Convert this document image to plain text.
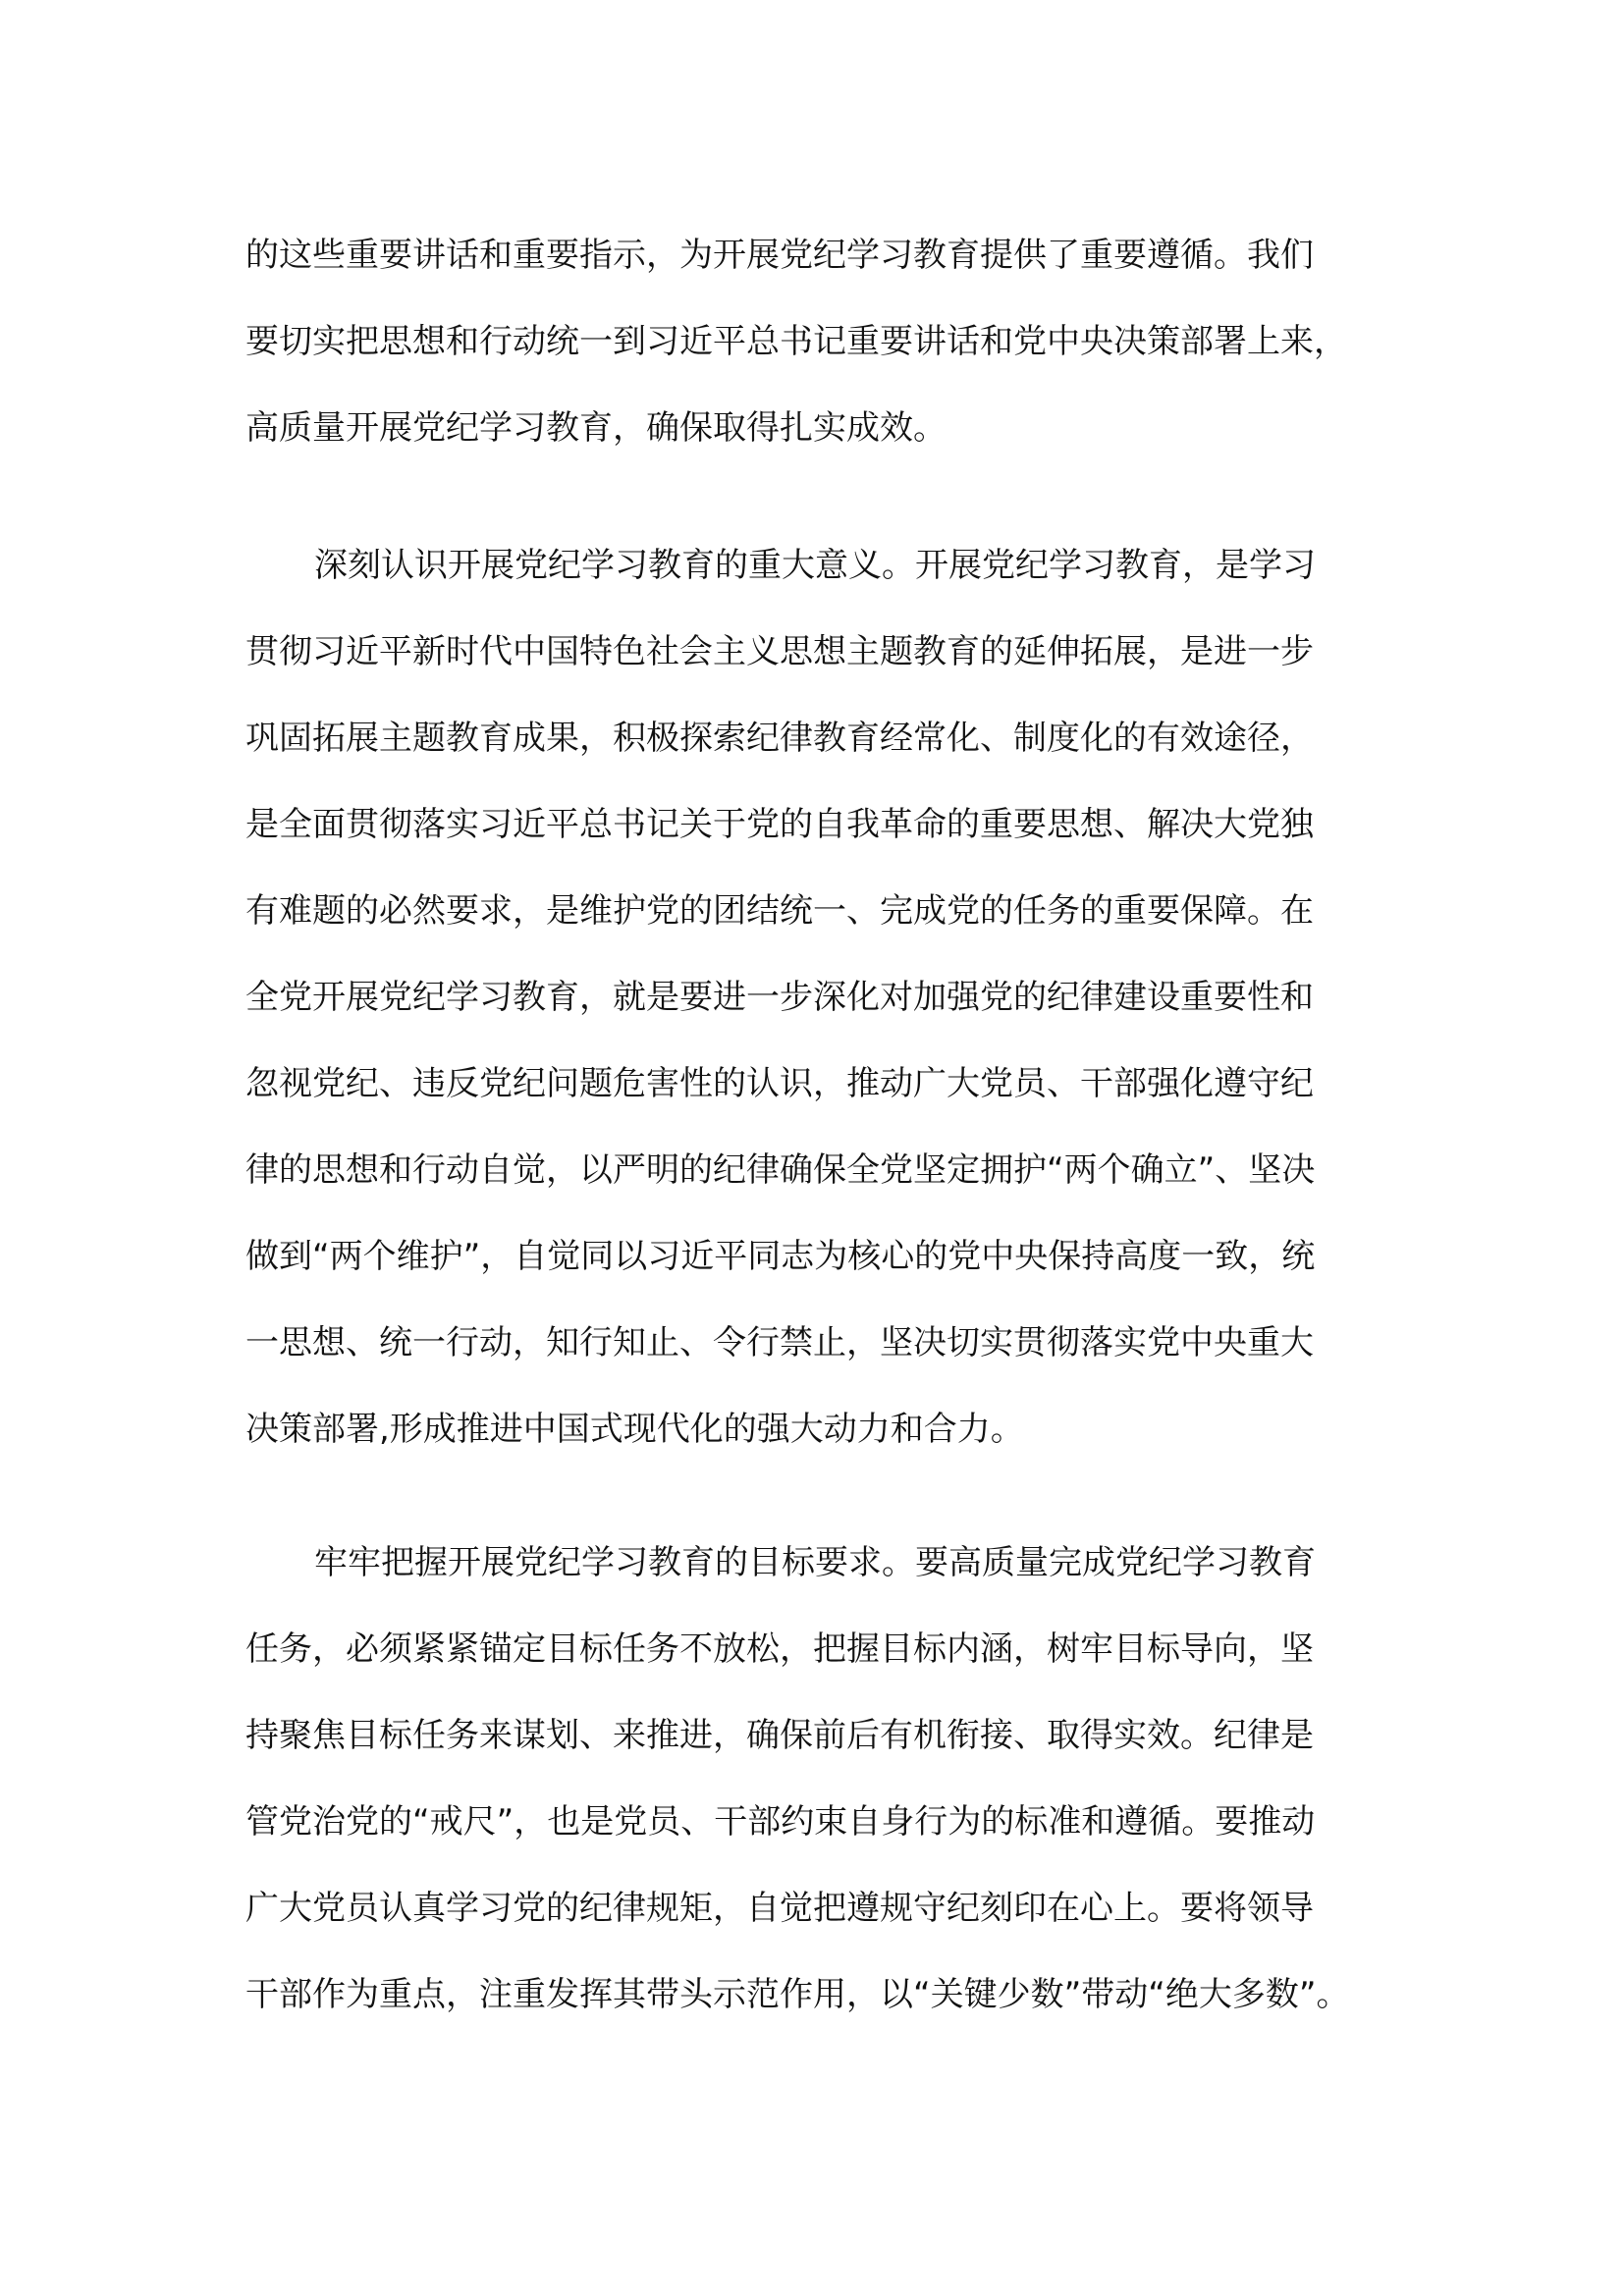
的这些重要讲话和重要指示，为开展党纪学习教育提供了重要遵循。我们
要切实把思想和行动统一到习近平总书记重要讲话和党中央决策部署上来，
高质量开展党纪学习教育，确保取得扎实成效。
深刻认识开展党纪学习教育的重大意义。开展党纪学习教育，是学习
贯彻习近平新时代中国特色社会主义思想主题教育的延伸拓展，是进一步
巩固拓展主题教育成果，积极探索纪律教育经常化、制度化的有效途径，
是全面贯彻落实习近平总书记关于党的自我革命的重要思想、解决大党独
有难题的必然要求，是维护党的团结统一、完成党的任务的重要保障。在
全党开展党纪学习教育，就是要进一步深化对加强党的纪律建设重要性和
忽视党纪、违反党纪问题危害性的认识，推动广大党员、干部强化遵守纪
律的思想和行动自觉，以严明的纪律确保全党坚定拥护“两个确立”、坚决
做到“两个维护”，自觉同以习近平同志为核心的党中央保持高度一致，统
一思想、统一行动，知行知止、令行禁止，坚决切实贯彻落实党中央重大
决策部署,形成推进中国式现代化的强大动力和合力。
牢牢把握开展党纪学习教育的目标要求。要高质量完成党纪学习教育
任务，必须紧紧锚定目标任务不放松，把握目标内涵，树牢目标导向，坚
持聚焦目标任务来谋划、来推进，确保前后有机衔接、取得实效。纪律是
管党治党的“戒尺”，也是党员、干部约束自身行为的标准和遵循。要推动
广大党员认真学习党的纪律规矩，自觉把遵规守纪刻印在心上。要将领导
干部作为重点，注重发挥其带头示范作用，以“关键少数”带动“绝大多数”。
